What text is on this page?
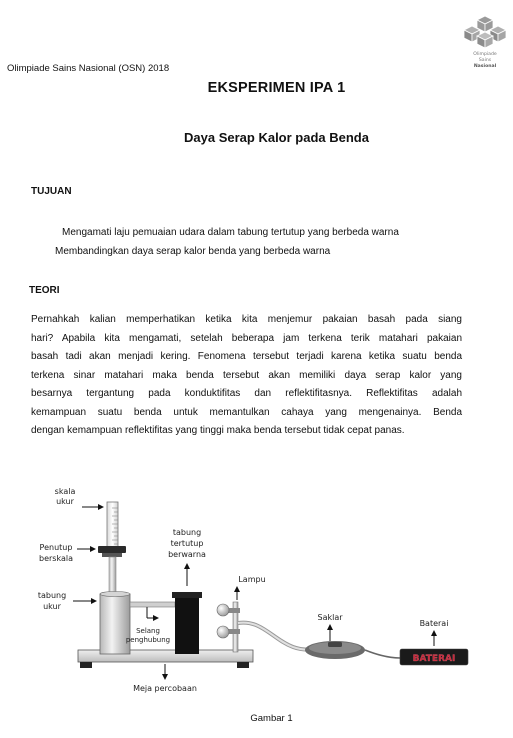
Olimpiade
Sains
Nasional
Olimpiade Sains Nasional (OSN) 2018
EKSPERIMEN IPA 1
Daya Serap Kalor pada Benda
TUJUAN
Mengamati laju pemuaian udara dalam tabung tertutup yang berbeda warna
Membandingkan daya serap kalor benda yang berbeda warna
TEORI
Pernahkah kalian memperhatikan ketika kita menjemur pakaian basah pada siang
hari? Apabila kita mengamati, setelah beberapa jam terkena terik matahari pakaian
basah tadi akan menjadi kering. Fenomena tersebut terjadi karena ketika suatu benda
terkena sinar matahari maka benda tersebut akan memiliki daya serap kalor yang
besarnya tergantung pada konduktifitas dan reflektifitasnya. Reflektifitas adalah
kemampuan suatu benda untuk memantulkan cahaya yang mengenainya. Benda
dengan kemampuan reflektifitas yang tinggi maka benda tersebut tidak cepat panas.
BATERAI
skala
ukur
Penutup
berskala
tabung
ukur
tabung
tertutup
berwarna
Selang
penghubung
Lampu
Saklar
Baterai
Meja percobaan
Gambar 1
